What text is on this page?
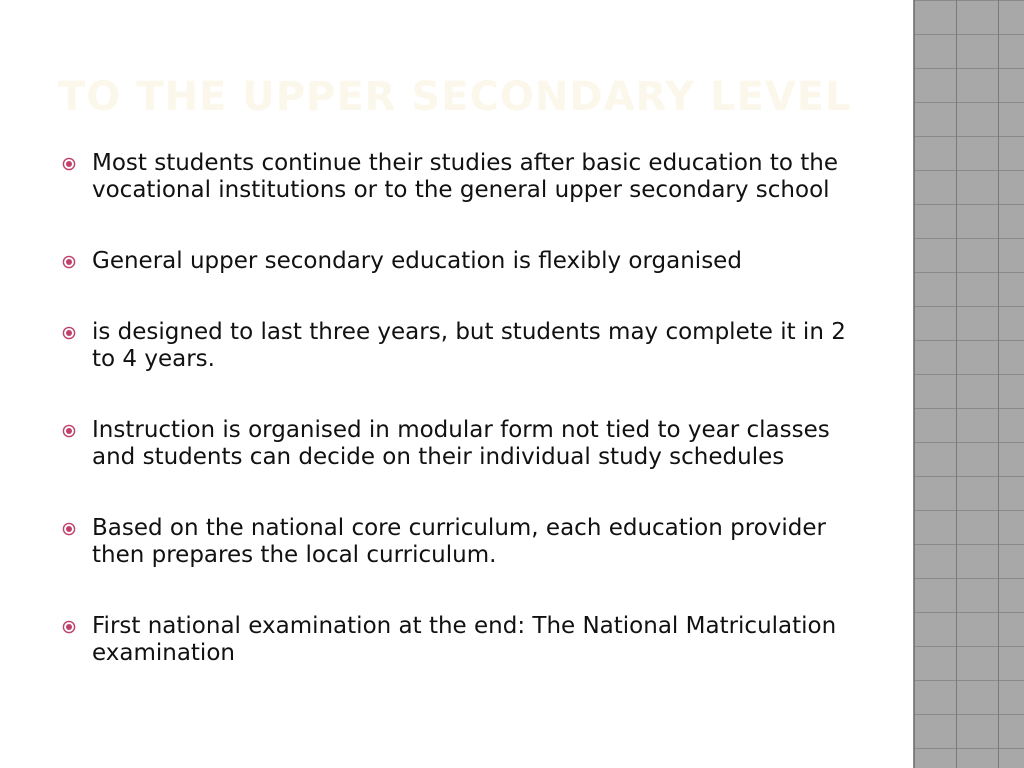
TO THE UPPER SECONDARY LEVEL
Most students continue their studies after basic education to the vocational institutions or to the general upper secondary school
General upper secondary education is flexibly organised
is designed to last three years, but students may complete it in 2 to 4 years.
Instruction is organised in modular form not tied to year classes and students can decide on their individual study schedules
Based on the national core curriculum, each education provider then prepares the local curriculum.
First national examination at the end: The National Matriculation examination
